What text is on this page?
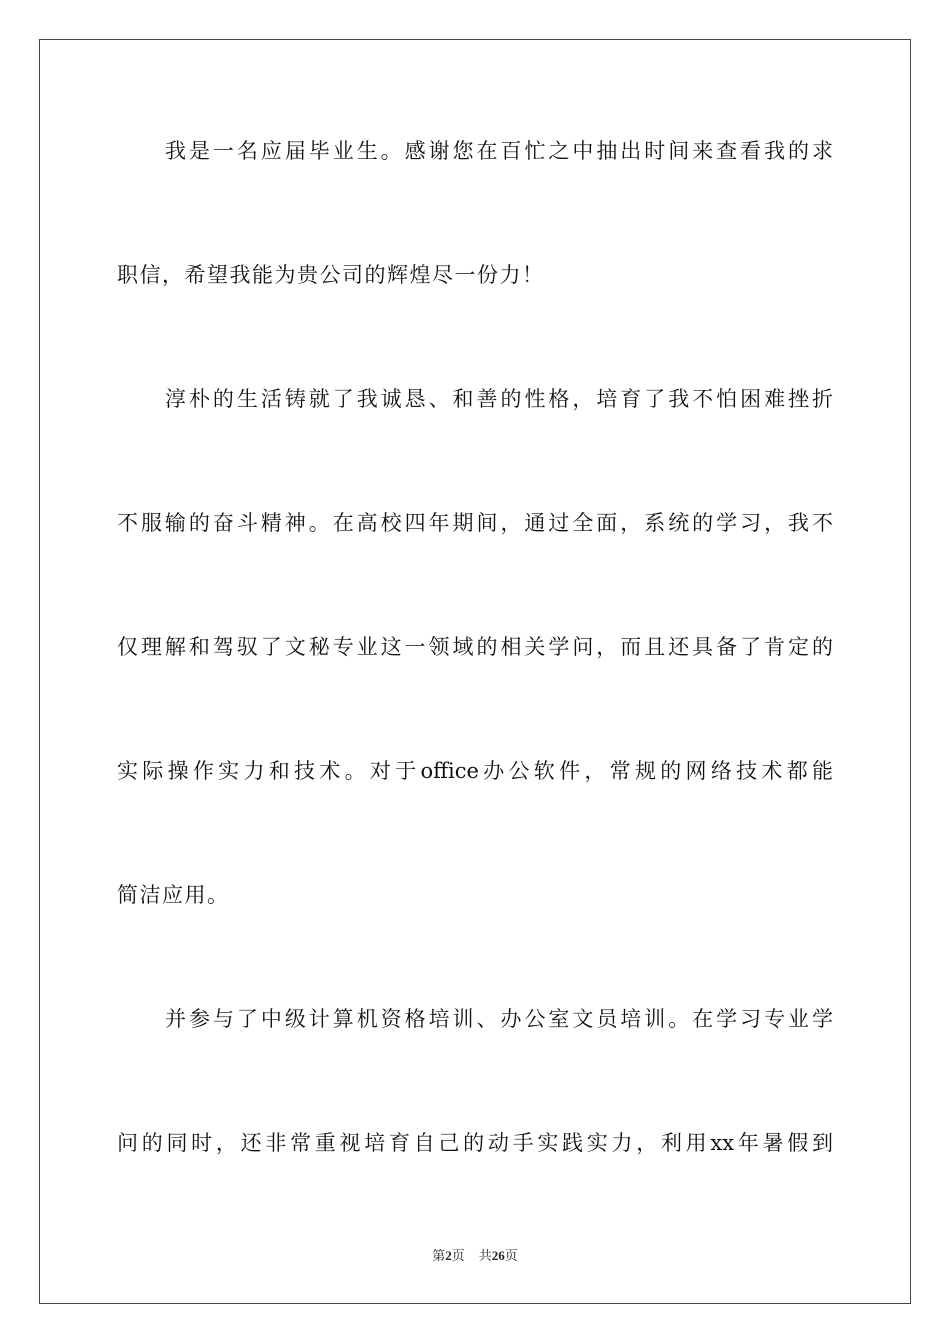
我是一名应届毕业生。感谢您在百忙之中抽出时间来查看我的求
职信，希望我能为贵公司的辉煌尽一份力！
淳朴的生活铸就了我诚恳、和善的性格，培育了我不怕困难挫折
不服输的奋斗精神。在高校四年期间，通过全面，系统的学习，我不
仅理解和驾驭了文秘专业这一领域的相关学问，而且还具备了肯定的
实际操作实力和技术。对于office办公软件，常规的网络技术都能
简洁应用。
并参与了中级计算机资格培训、办公室文员培训。在学习专业学
问的同时，还非常重视培育自己的动手实践实力，利用xx年暑假到
第2页 共26页
